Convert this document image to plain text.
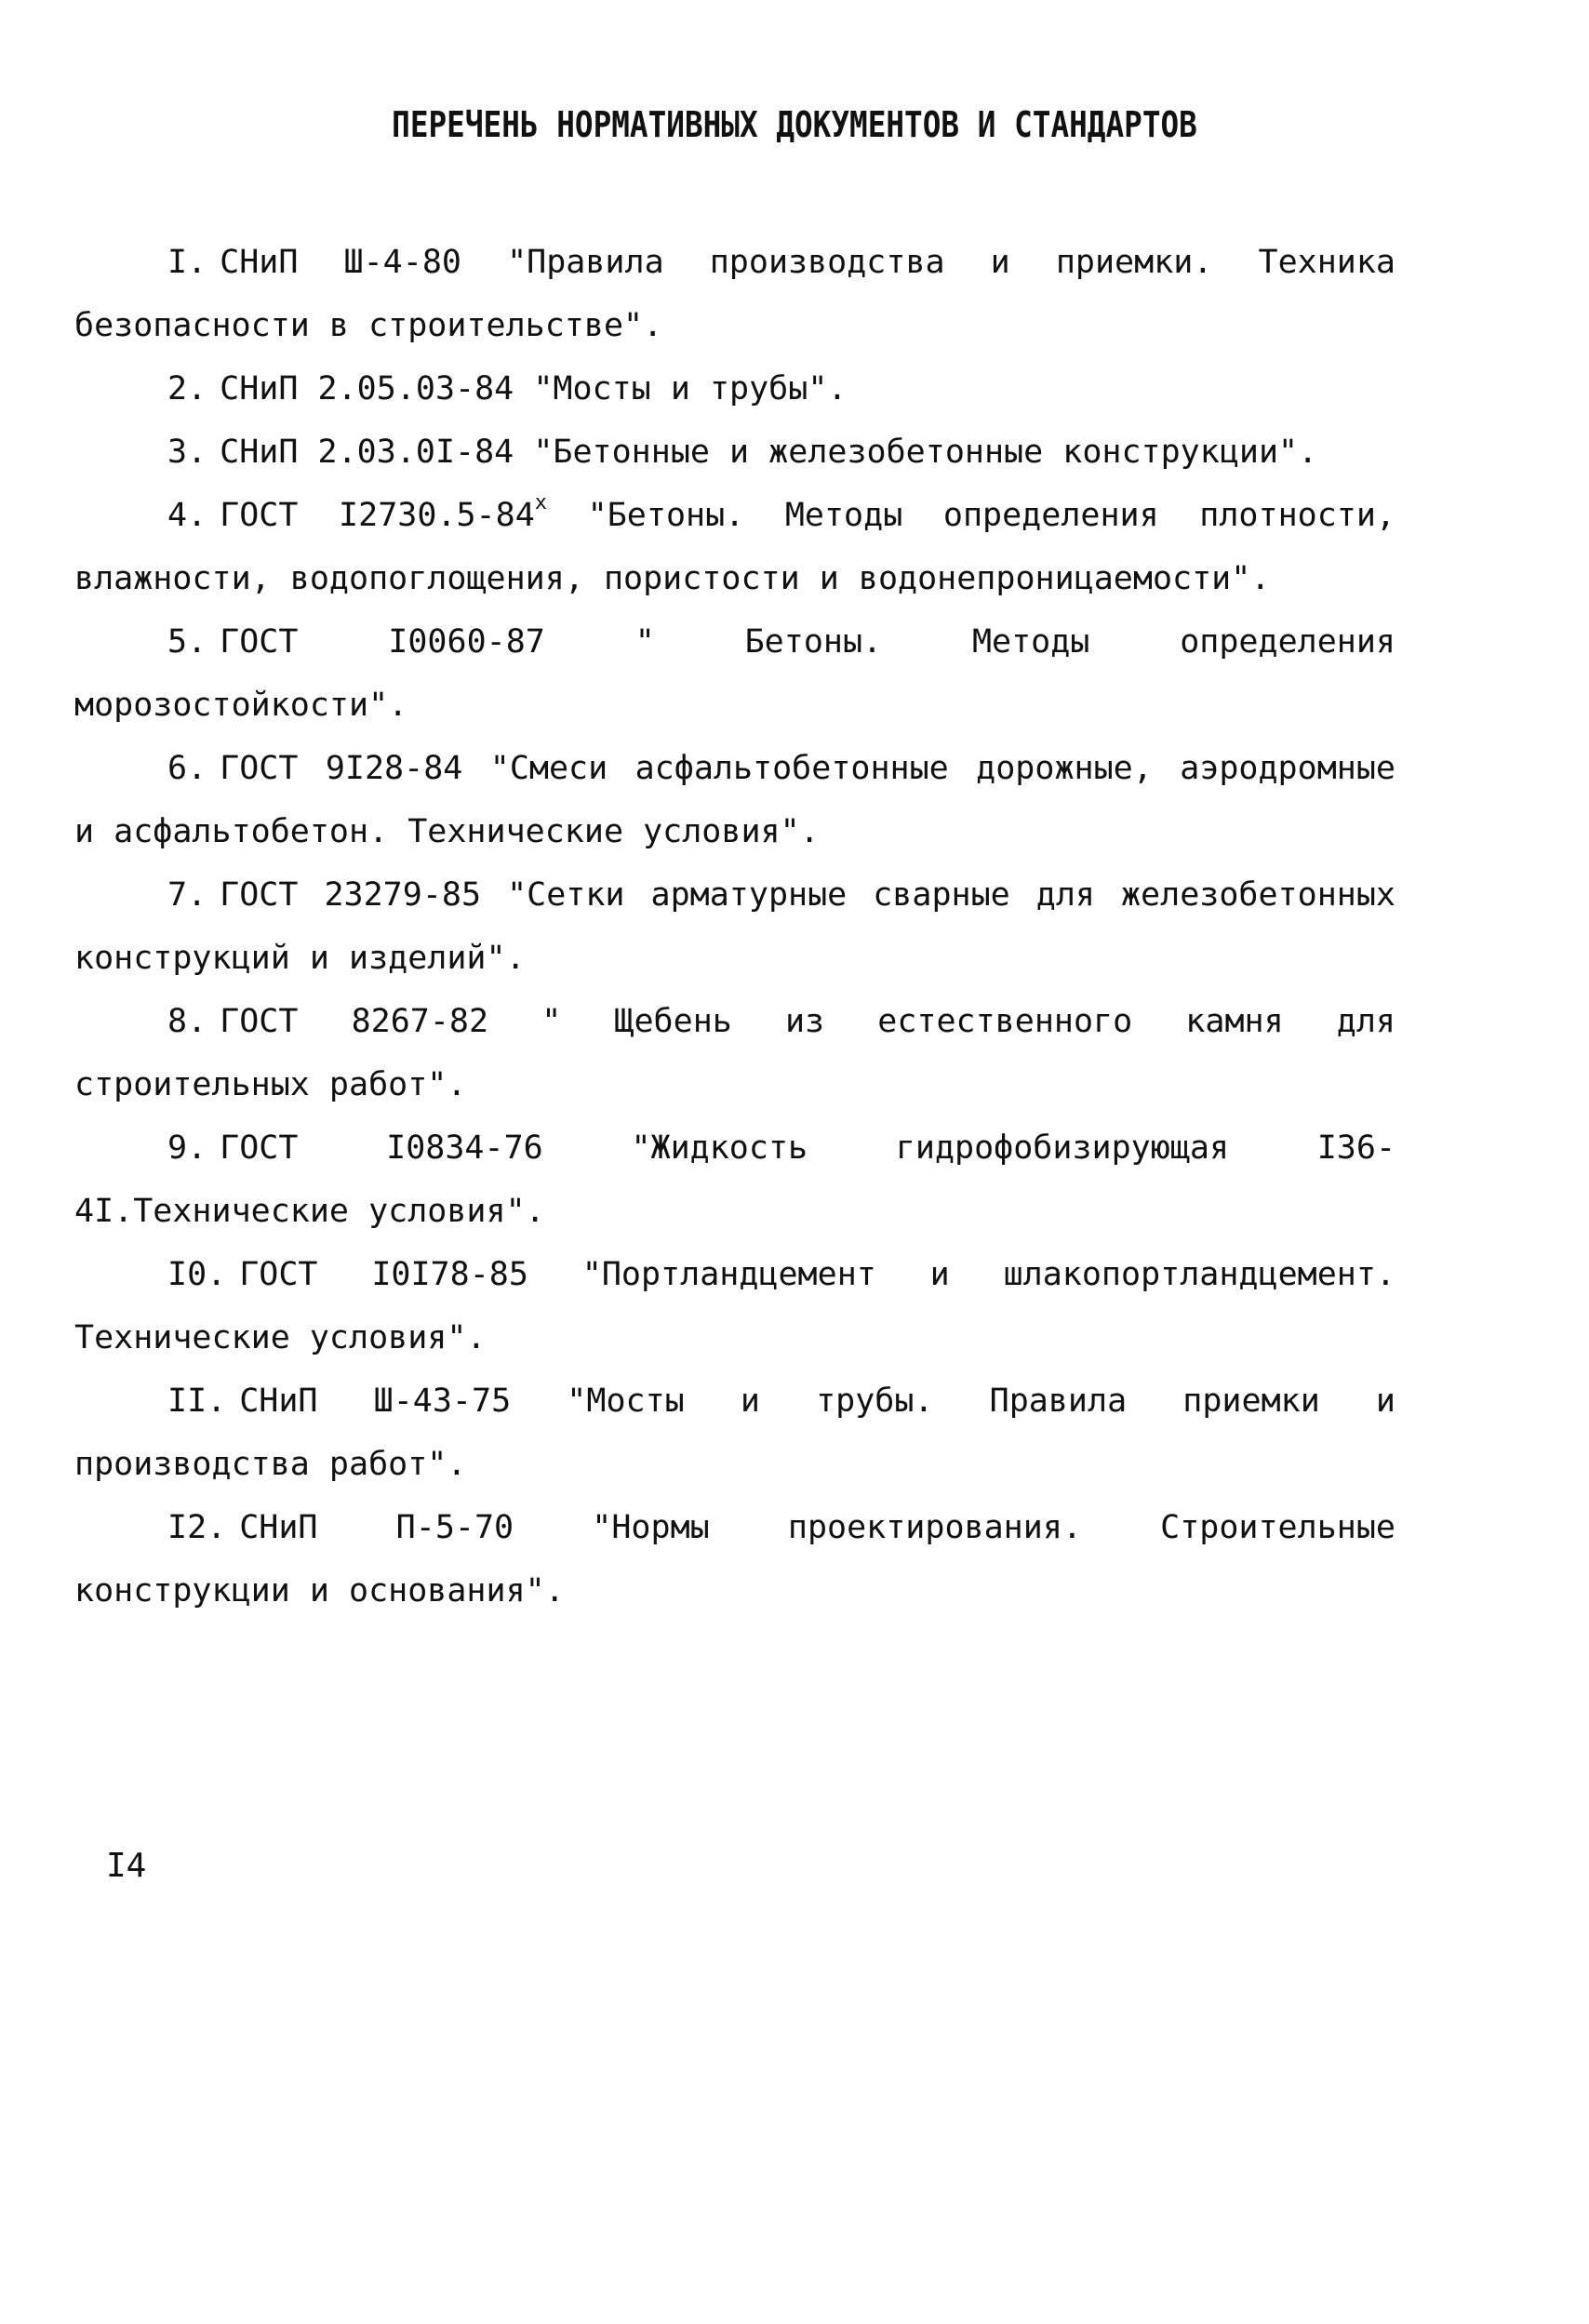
ПЕРЕЧЕНЬ НОРМАТИВНЫХ ДОКУМЕНТОВ И СТАНДАРТОВ
I. СНиП Ш-4-80 "Правила производства и приемки. Техника безопасности в строительстве".
2. СНиП 2.05.03-84 "Мосты и трубы".
3. СНиП 2.03.0I-84 "Бетонные и железобетонные конструкции".
4. ГОСТ I2730.5-84$^x$ "Бетоны. Методы определения плотности, влажности, водопоглощения, пористости и водонепроницаемости".
5. ГОСТ I0060-87	" Бетоны. Методы определения морозостойкости".
6. ГОСТ 9I28-84 "Смеси асфальтобетонные дорожные, аэродромные и асфальтобетон. Технические условия".
7. ГОСТ 23279-85 "Сетки арматурные сварные для железобетонных конструкций и изделий".
8. ГОСТ 8267-82 " Щебень из естественного камня для строительных работ".
9. ГОСТ I0834-76	"Жидкость гидрофобизирующая I36-4I.Технические условия".
I0. ГОСТ I0I78-85 "Портландцемент и шлакопортландцемент. Технические условия".
II. СНиП Ш-43-75 "Мосты и трубы. Правила приемки и производства работ".
I2. СНиП П-5-70 "Нормы проектирования. Строительные конструкции и основания".
I4
